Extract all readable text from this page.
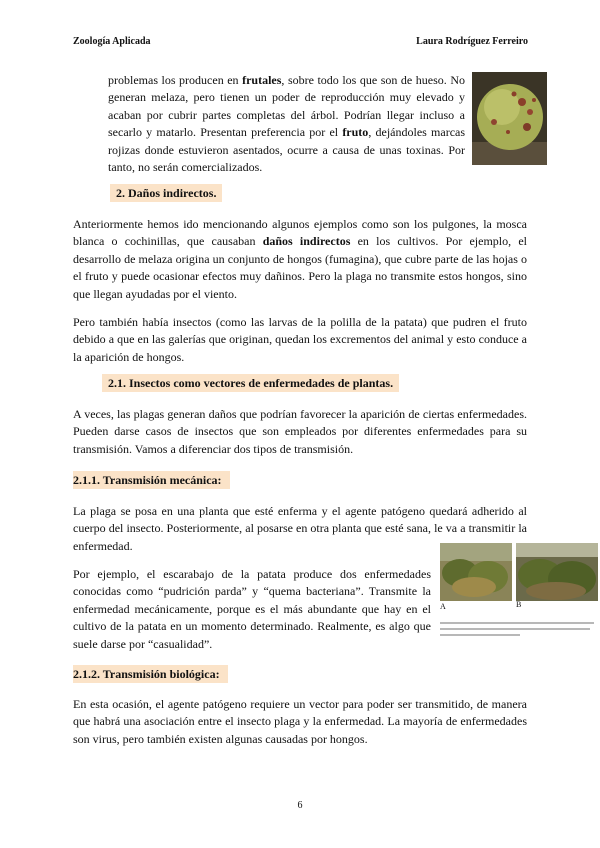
Zoología Aplicada	Laura Rodríguez Ferreiro
problemas los producen en frutales, sobre todo los que son de hueso. No generan melaza, pero tienen un poder de reproducción muy elevado y acaban por cubrir partes completas del árbol. Podrían llegar incluso a secarlo y matarlo. Presentan preferencia por el fruto, dejándoles marcas rojizas donde estuvieron asentados, ocurre a causa de unas toxinas. Por tanto, no serán comercializados.
2. Daños indirectos.
Anteriormente hemos ido mencionando algunos ejemplos como son los pulgones, la mosca blanca o cochinillas, que causaban daños indirectos en los cultivos. Por ejemplo, el desarrollo de melaza origina un conjunto de hongos (fumagina), que cubre parte de las hojas o el fruto y puede ocasionar efectos muy dañinos. Pero la plaga no transmite estos hongos, sino que llegan ayudadas por el viento.
Pero también había insectos (como las larvas de la polilla de la patata) que pudren el fruto debido a que en las galerías que originan, quedan los excrementos del animal y esto conduce a la aparición de hongos.
2.1. Insectos como vectores de enfermedades de plantas.
A veces, las plagas generan daños que podrían favorecer la aparición de ciertas enfermedades. Pueden darse casos de insectos que son empleados por diferentes enfermedades para su transmisión. Vamos a diferenciar dos tipos de transmisión.
2.1.1. Transmisión mecánica:
La plaga se posa en una planta que esté enferma y el agente patógeno quedará adherido al cuerpo del insecto. Posteriormente, al posarse en otra planta que esté sana, le va a transmitir la enfermedad.
Por ejemplo, el escarabajo de la patata produce dos enfermedades conocidas como “pudrición parda” y “quema bacteriana”. Transmite la enfermedad mecánicamente, porque es el más abundante que hay en el cultivo de la patata en un momento determinado. Realmente, es algo que suele darse por “casualidad”.
A	B
2.1.2. Transmisión biológica:
En esta ocasión, el agente patógeno requiere un vector para poder ser transmitido, de manera que habrá una asociación entre el insecto plaga y la enfermedad. La mayoría de enfermedades son virus, pero también existen algunas causadas por hongos.
6
